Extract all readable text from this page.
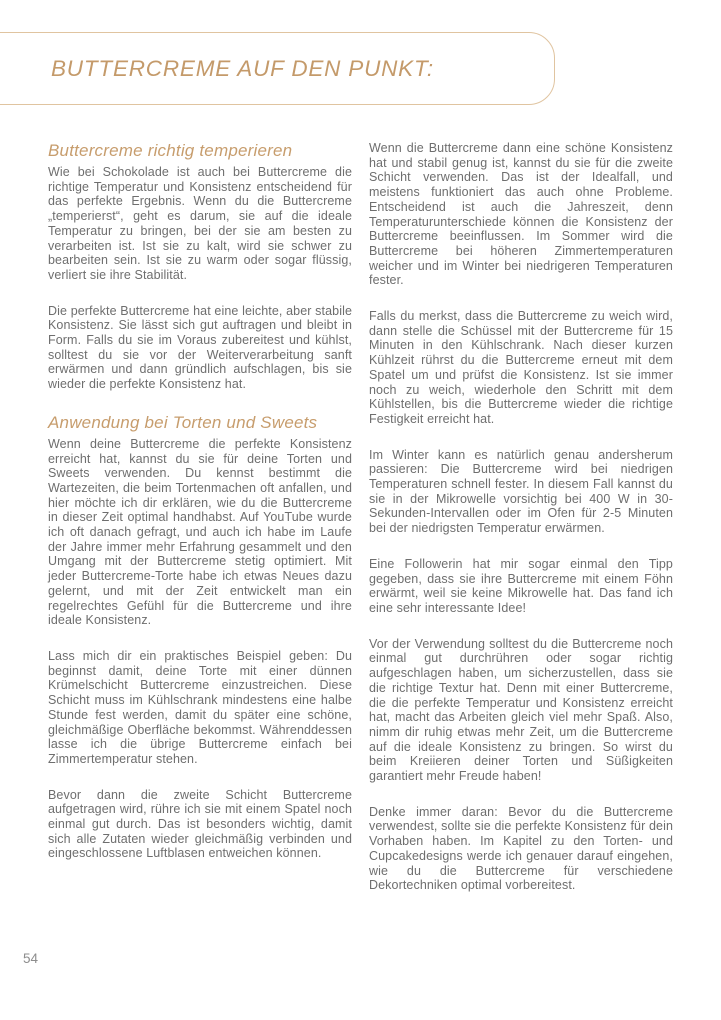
BUTTERCREME AUF DEN PUNKT:
Buttercreme richtig temperieren

Wie bei Schokolade ist auch bei Buttercreme die richtige Temperatur und Konsistenz entscheidend für das perfekte Ergebnis. Wenn du die Buttercreme „temperierst“, geht es darum, sie auf die ideale Temperatur zu bringen, bei der sie am besten zu verarbeiten ist. Ist sie zu kalt, wird sie schwer zu bearbeiten sein. Ist sie zu warm oder sogar flüssig, verliert sie ihre Stabilität.

Die perfekte Buttercreme hat eine leichte, aber stabile Konsistenz. Sie lässt sich gut auftragen und bleibt in Form. Falls du sie im Voraus zubereitest und kühlst, solltest du sie vor der Weiterverarbeitung sanft erwärmen und dann gründlich aufschlagen, bis sie wieder die perfekte Konsistenz hat.

Anwendung bei Torten und Sweets

Wenn deine Buttercreme die perfekte Konsistenz erreicht hat, kannst du sie für deine Torten und Sweets verwenden. Du kennst bestimmt die Wartezeiten, die beim Tortenmachen oft anfallen, und hier möchte ich dir erklären, wie du die Buttercreme in dieser Zeit optimal handhabst. Auf YouTube wurde ich oft danach gefragt, und auch ich habe im Laufe der Jahre immer mehr Erfahrung gesammelt und den Umgang mit der Buttercreme stetig optimiert. Mit jeder Buttercreme-Torte habe ich etwas Neues dazu gelernt, und mit der Zeit entwickelt man ein regelrechtes Gefühl für die Buttercreme und ihre ideale Konsistenz.

Lass mich dir ein praktisches Beispiel geben: Du beginnst damit, deine Torte mit einer dünnen Krümelschicht Buttercreme einzustreichen. Diese Schicht muss im Kühlschrank mindestens eine halbe Stunde fest werden, damit du später eine schöne, gleichmäßige Oberfläche bekommst. Währenddessen lasse ich die übrige Buttercreme einfach bei Zimmertemperatur stehen.

Bevor dann die zweite Schicht Buttercreme aufgetragen wird, rühre ich sie mit einem Spatel noch einmal gut durch. Das ist besonders wichtig, damit sich alle Zutaten wieder gleichmäßig verbinden und eingeschlossene Luftblasen entweichen können.

Wenn die Buttercreme dann eine schöne Konsistenz hat und stabil genug ist, kannst du sie für die zweite Schicht verwenden. Das ist der Idealfall, und meistens funktioniert das auch ohne Probleme. Entscheidend ist auch die Jahreszeit, denn Temperaturunterschiede können die Konsistenz der Buttercreme beeinflussen. Im Sommer wird die Buttercreme bei höheren Zimmertemperaturen weicher und im Winter bei niedrigeren Temperaturen fester.

Falls du merkst, dass die Buttercreme zu weich wird, dann stelle die Schüssel mit der Buttercreme für 15 Minuten in den Kühlschrank. Nach dieser kurzen Kühlzeit rührst du die Buttercreme erneut mit dem Spatel um und prüfst die Konsistenz. Ist sie immer noch zu weich, wiederhole den Schritt mit dem Kühlstellen, bis die Buttercreme wieder die richtige Festigkeit erreicht hat.

Im Winter kann es natürlich genau andersherum passieren: Die Buttercreme wird bei niedrigen Temperaturen schnell fester. In diesem Fall kannst du sie in der Mikrowelle vorsichtig bei 400 W in 30-Sekunden-Intervallen oder im Ofen für 2-5 Minuten bei der niedrigsten Temperatur erwärmen.

Eine Followerin hat mir sogar einmal den Tipp gegeben, dass sie ihre Buttercreme mit einem Föhn erwärmt, weil sie keine Mikrowelle hat. Das fand ich eine sehr interessante Idee!

Vor der Verwendung solltest du die Buttercreme noch einmal gut durchrühren oder sogar richtig aufgeschlagen haben, um sicherzustellen, dass sie die richtige Textur hat. Denn mit einer Buttercreme, die die perfekte Temperatur und Konsistenz erreicht hat, macht das Arbeiten gleich viel mehr Spaß. Also, nimm dir ruhig etwas mehr Zeit, um die Buttercreme auf die ideale Konsistenz zu bringen. So wirst du beim Kreiieren deiner Torten und Süßigkeiten garantiert mehr Freude haben!

Denke immer daran: Bevor du die Buttercreme verwendest, sollte sie die perfekte Konsistenz für dein Vorhaben haben. Im Kapitel zu den Torten- und Cupcakedesigns werde ich genauer darauf eingehen, wie du die Buttercreme für verschiedene Dekortechniken optimal vorbereitest.

54
